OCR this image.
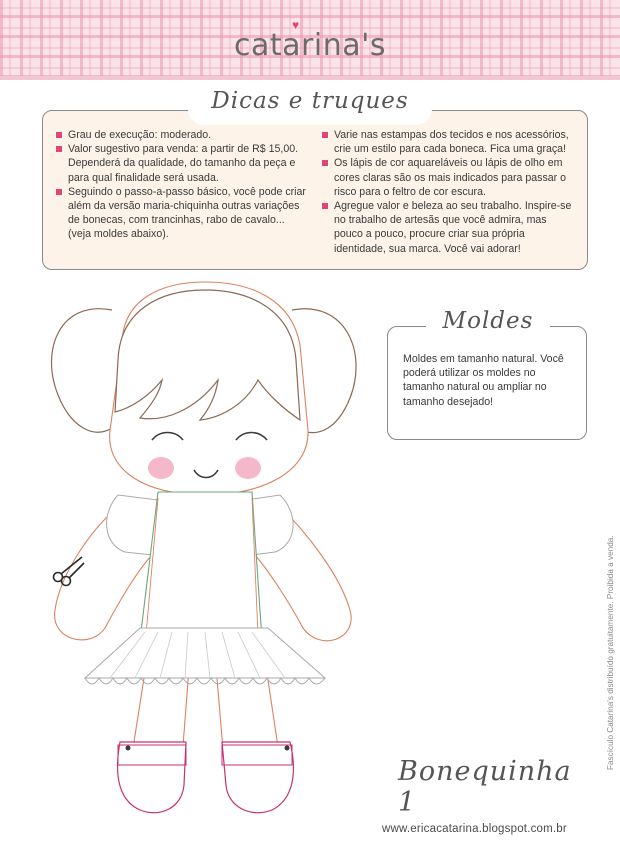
catarina's
♥
Dicas e truques
Grau de execução: moderado.
Valor sugestivo para venda: a partir de R$ 15,00. Dependerá da qualidade, do tamanho da peça e para qual finalidade será usada.
Seguindo o passo-a-passo básico, você pode criar além da versão maria-chiquinha outras variações de bonecas, com trancinhas, rabo de cavalo... (veja moldes abaixo).
Varie nas estampas dos tecidos e nos acessórios, crie um estilo para cada boneca. Fica uma graça!
Os lápis de cor aquareláveis ou lápis de olho em cores claras são os mais indicados para passar o risco para o feltro de cor escura.
Agregue valor e beleza ao seu trabalho. Inspire-se no trabalho de artesãs que você admira, mas pouco a pouco, procure criar sua própria identidade, sua marca. Você vai adorar!
Moldes
Moldes em tamanho natural. Você poderá utilizar os moldes no tamanho natural ou ampliar no tamanho desejado!
Bonequinha 1
Fascículo Catarina's distribuído gratuitamente. Proibida a venda.
www.ericacatarina.blogspot.com.br
